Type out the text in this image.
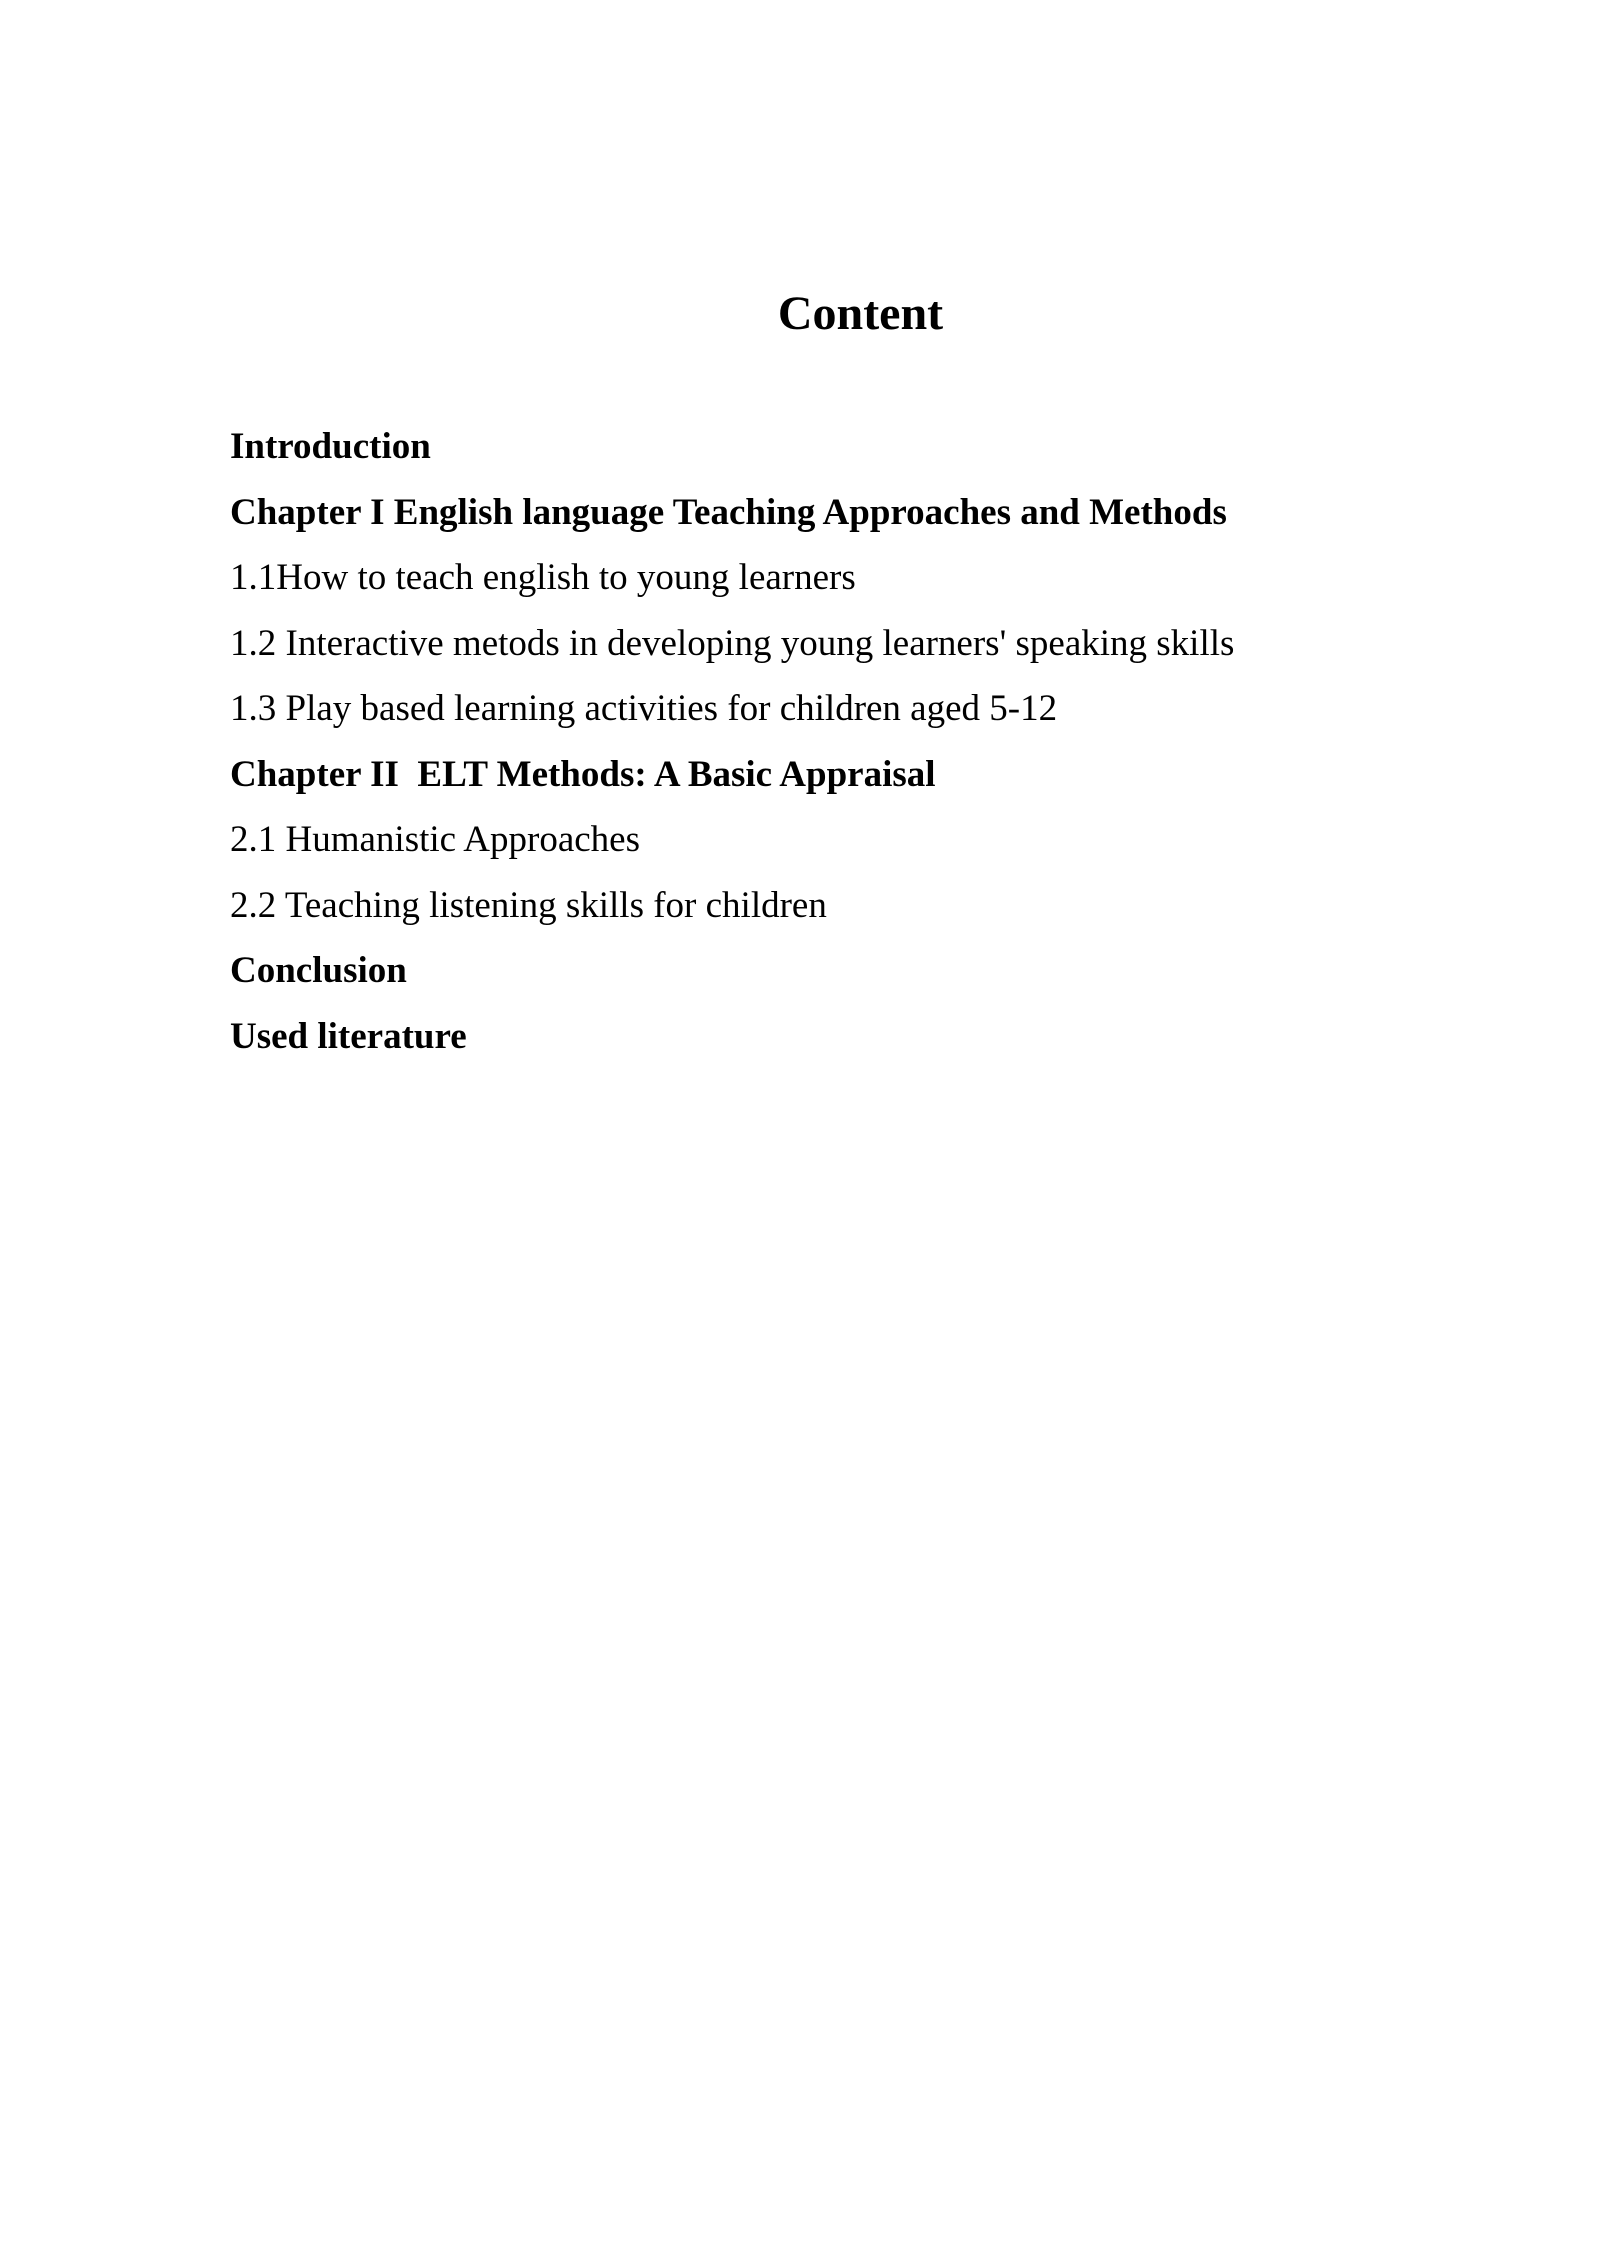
Content
Introduction
Chapter I English language Teaching Approaches and Methods
1.1How to teach english to young learners
1.2 Interactive metods in developing young learners' speaking skills
1.3 Play based learning activities for children aged 5-12
Chapter II  ELT Methods: A Basic Appraisal
2.1 Humanistic Approaches
2.2 Teaching listening skills for children
Conclusion
Used literature
